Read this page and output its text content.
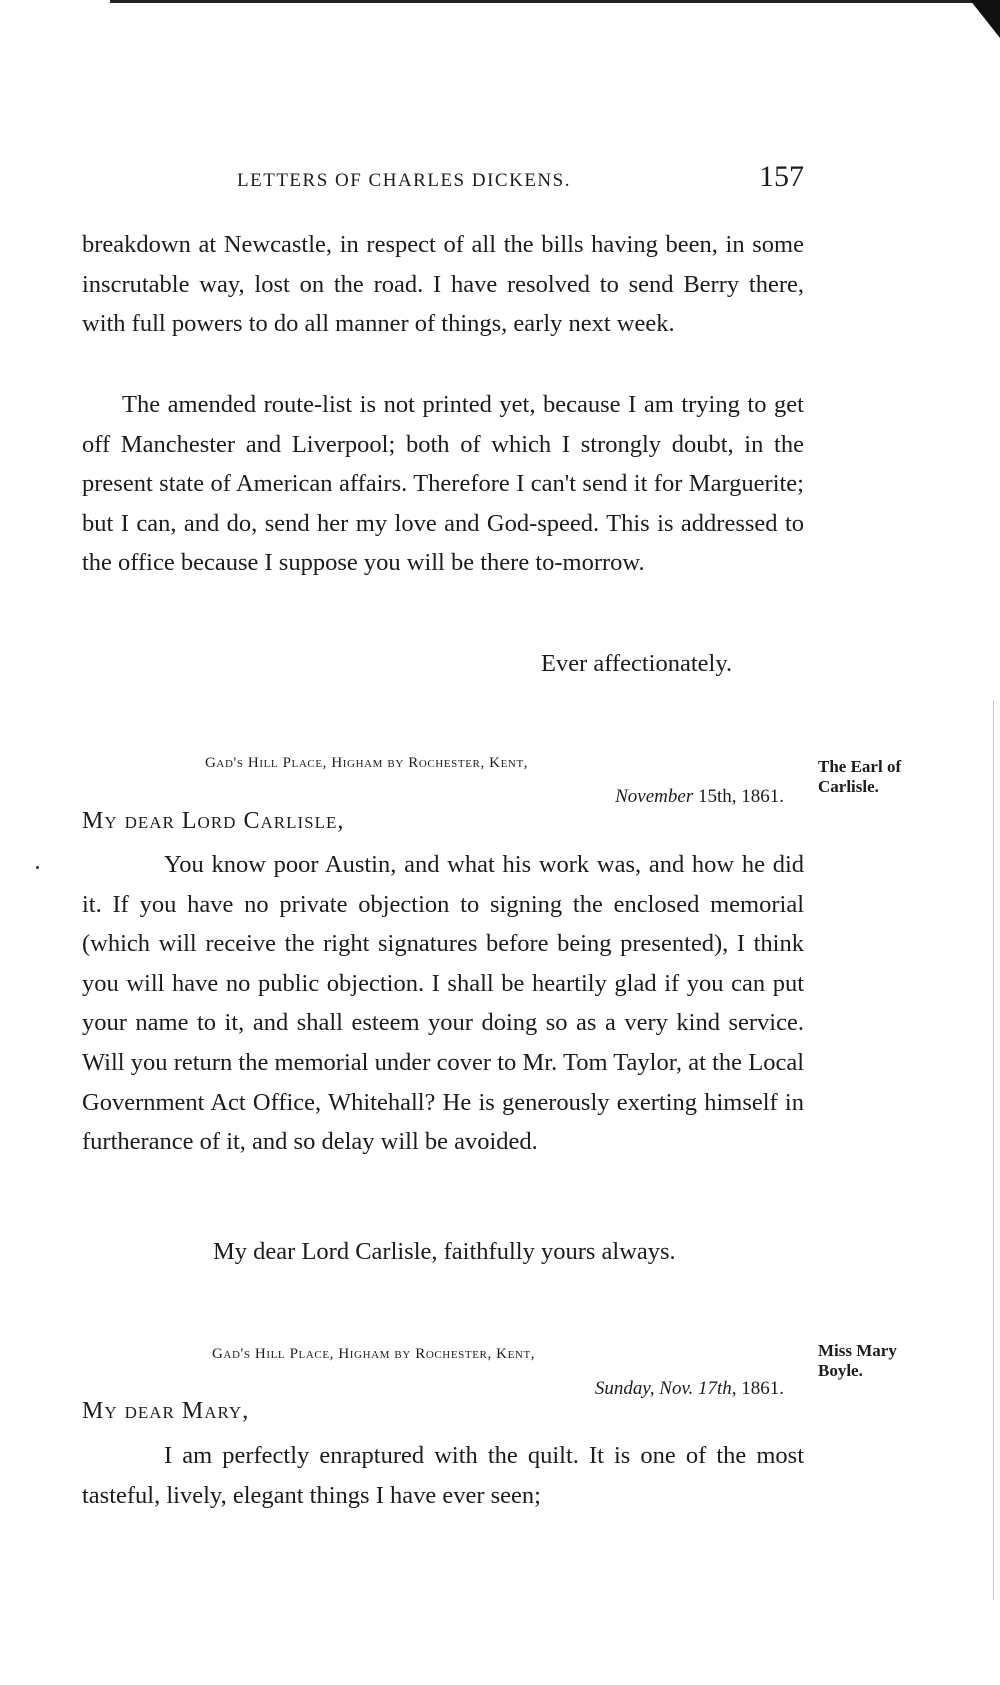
LETTERS OF CHARLES DICKENS.	157

breakdown at Newcastle, in respect of all the bills having been, in some inscrutable way, lost on the road. I have resolved to send Berry there, with full powers to do all manner of things, early next week.

The amended route-list is not printed yet, because I am trying to get off Manchester and Liverpool; both of which I strongly doubt, in the present state of American affairs. Therefore I can't send it for Marguerite; but I can, and do, send her my love and God-speed. This is addressed to the office because I suppose you will be there to-morrow.

Ever affectionately.
Gad's Hill Place, Higham by Rochester, Kent,
November 15th, 1861.
The Earl of Carlisle.
My dear Lord Carlisle,

You know poor Austin, and what his work was, and how he did it. If you have no private objection to signing the enclosed memorial (which will receive the right signatures before being presented), I think you will have no public objection. I shall be heartily glad if you can put your name to it, and shall esteem your doing so as a very kind service. Will you return the memorial under cover to Mr. Tom Taylor, at the Local Government Act Office, Whitehall? He is generously exerting himself in furtherance of it, and so delay will be avoided.

My dear Lord Carlisle, faithfully yours always.
Gad's Hill Place, Higham by Rochester, Kent,
Sunday, Nov. 17th, 1861.
Miss Mary Boyle.
My dear Mary,

I am perfectly enraptured with the quilt. It is one of the most tasteful, lively, elegant things I have ever seen;
